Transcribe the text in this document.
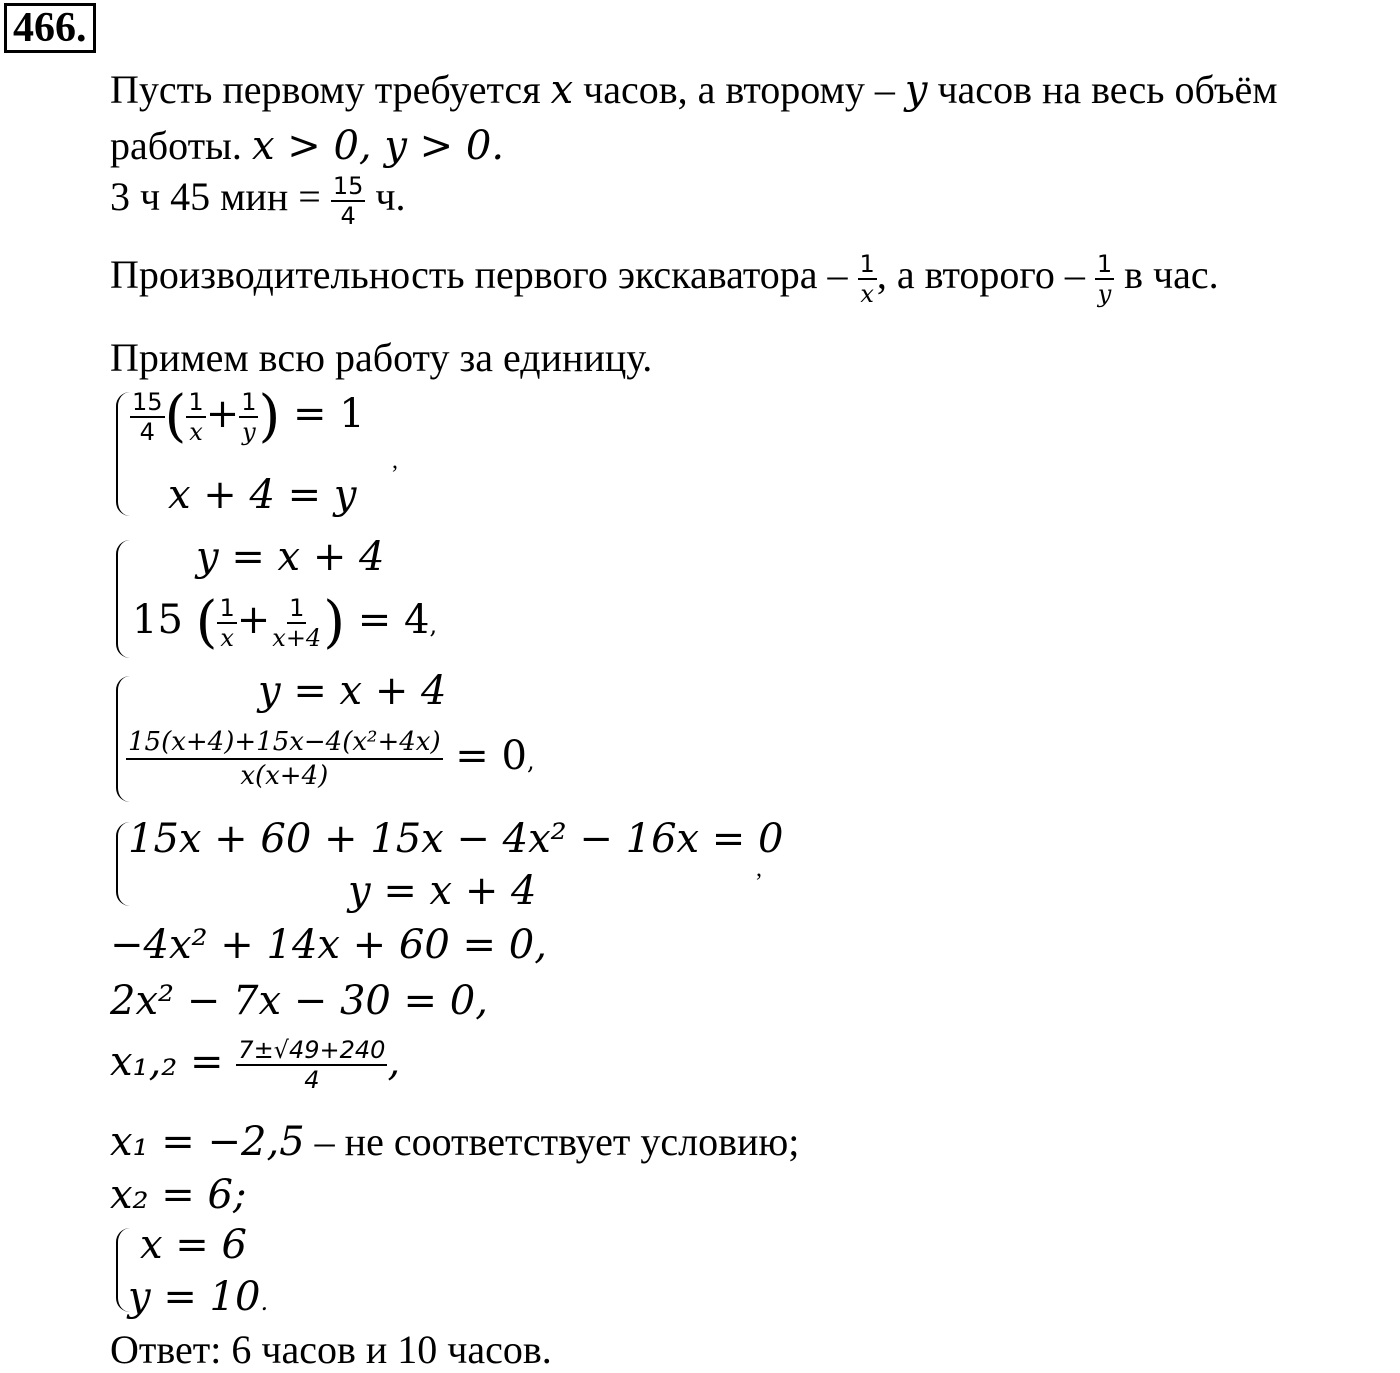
466.
Пусть первому требуется x часов, а второму – y часов на весь объём
работы. x > 0, y > 0.
3 ч 45 мин = $\frac{15}{4} ч$.
Производительность первого экскаватора – $\frac{1}{x}$ , а второго – $\frac{1}{y}$ в час.
Примем всю работу за единицу.
$\frac{15}{4}$ ( $\frac{1}{x} + \frac{1}{y}$ ) = 1
x + 4 = y
,
y = x + 4
15 ( $\frac{1}{x} + \frac{1}{x+4}$ ) = 4,
y = x + 4
$\frac{\text{15(x+4)+15x−4(x²+4x)}}{x(x+4)} = 0$,
15x + 60 + 15x − 4x² − 16x = 0
y = x + 4	,
−4x² + 14x + 60 = 0,
2x² − 7x − 30 = 0,
$x_1,_2 = \frac{7\pm√49+240}{4}$ ,
x₁ = −2,5 – не соответствует условию;
x₂ = 6;
x = 6
y = 10.
Ответ: 6 часов и 10 часов.
